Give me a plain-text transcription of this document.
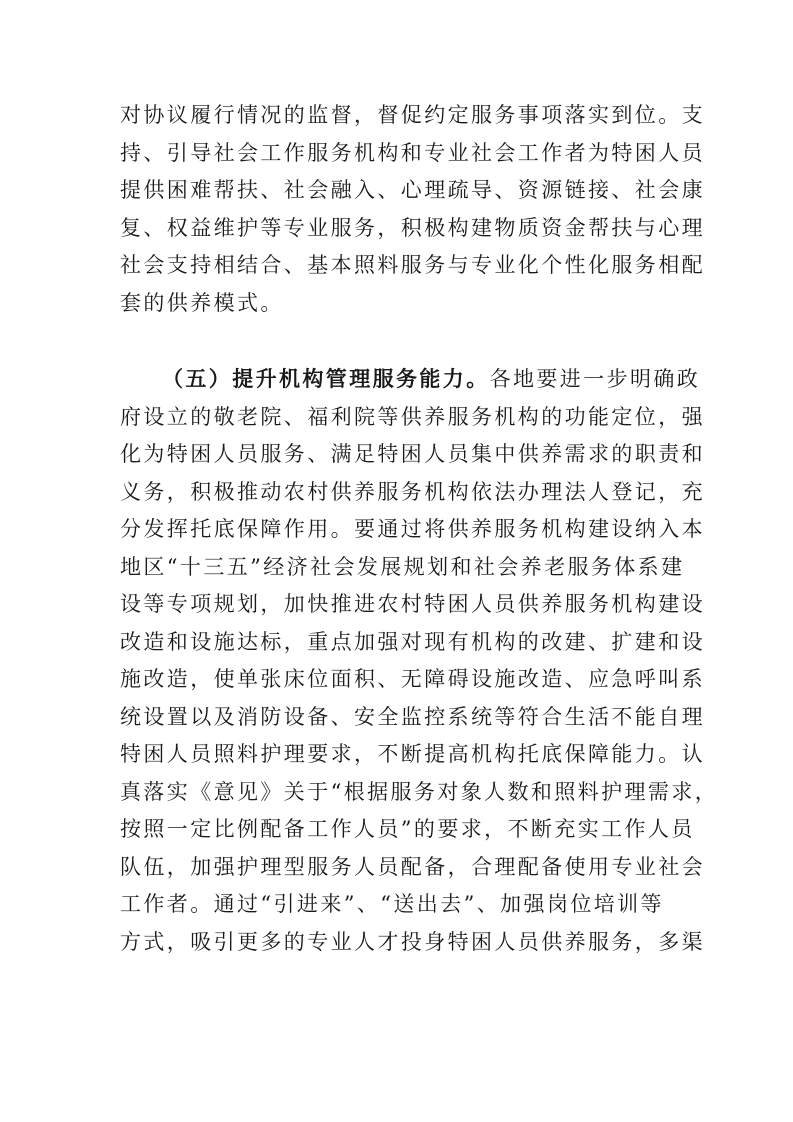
对协议履行情况的监督，督促约定服务事项落实到位。支
持、引导社会工作服务机构和专业社会工作者为特困人员
提供困难帮扶、社会融入、心理疏导、资源链接、社会康
复、权益维护等专业服务，积极构建物质资金帮扶与心理
社会支持相结合、基本照料服务与专业化个性化服务相配
套的供养模式。
（五）提升机构管理服务能力。各地要进一步明确政
府设立的敬老院、福利院等供养服务机构的功能定位，强
化为特困人员服务、满足特困人员集中供养需求的职责和
义务，积极推动农村供养服务机构依法办理法人登记，充
分发挥托底保障作用。要通过将供养服务机构建设纳入本
地区“十三五”经济社会发展规划和社会养老服务体系建
设等专项规划，加快推进农村特困人员供养服务机构建设
改造和设施达标，重点加强对现有机构的改建、扩建和设
施改造，使单张床位面积、无障碍设施改造、应急呼叫系
统设置以及消防设备、安全监控系统等符合生活不能自理
特困人员照料护理要求，不断提高机构托底保障能力。认
真落实《意见》关于“根据服务对象人数和照料护理需求，
按照一定比例配备工作人员”的要求，不断充实工作人员
队伍，加强护理型服务人员配备，合理配备使用专业社会
工作者。通过“引进来”、“送出去”、加强岗位培训等
方式，吸引更多的专业人才投身特困人员供养服务，多渠
